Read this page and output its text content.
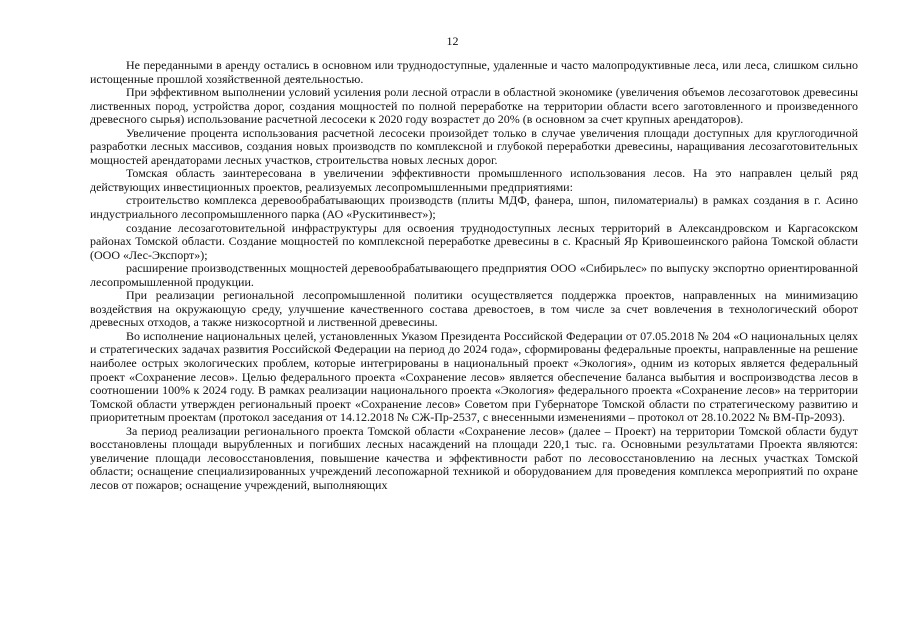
12

Не переданными в аренду остались в основном или труднодоступные, удаленные и часто малопродуктивные леса, или леса, слишком сильно истощенные прошлой хозяйственной деятельностью.

При эффективном выполнении условий усиления роли лесной отрасли в областной экономике (увеличения объемов лесозаготовок древесины лиственных пород, устройства дорог, создания мощностей по полной переработке на территории области всего заготовленного и произведенного древесного сырья) использование расчетной лесосеки к 2020 году возрастет до 20% (в основном за счет крупных арендаторов).

Увеличение процента использования расчетной лесосеки произойдет только в случае увеличения площади доступных для круглогодичной разработки лесных массивов, создания новых производств по комплексной и глубокой переработки древесины, наращивания лесозаготовительных мощностей арендаторами лесных участков, строительства новых лесных дорог.

Томская область заинтересована в увеличении эффективности промышленного использования лесов. На это направлен целый ряд действующих инвестиционных проектов, реализуемых лесопромышленными предприятиями:

строительство комплекса деревообрабатывающих производств (плиты МДФ, фанера, шпон, пиломатериалы) в рамках создания в г. Асино индустриального лесопромышленного парка (АО «Рускитинвест»);

создание лесозаготовительной инфраструктуры для освоения труднодоступных лесных территорий в Александровском и Каргасокском районах Томской области. Создание мощностей по комплексной переработке древесины в с. Красный Яр Кривошеинского района Томской области (ООО «Лес-Экспорт»);

расширение производственных мощностей деревообрабатывающего предприятия ООО «Сибирьлес» по выпуску экспортно ориентированной лесопромышленной продукции.

При реализации региональной лесопромышленной политики осуществляется поддержка проектов, направленных на минимизацию воздействия на окружающую среду, улучшение качественного состава древостоев, в том числе за счет вовлечения в технологический оборот древесных отходов, а также низкосортной и лиственной древесины.

Во исполнение национальных целей, установленных Указом Президента Российской Федерации от 07.05.2018 № 204 «О национальных целях и стратегических задачах развития Российской Федерации на период до 2024 года», сформированы федеральные проекты, направленные на решение наиболее острых экологических проблем, которые интегрированы в национальный проект «Экология», одним из которых является федеральный проект «Сохранение лесов». Целью федерального проекта «Сохранение лесов» является обеспечение баланса выбытия и воспроизводства лесов в соотношении 100% к 2024 году. В рамках реализации национального проекта «Экология» федерального проекта «Сохранение лесов» на территории Томской области утвержден региональный проект «Сохранение лесов» Советом при Губернаторе Томской области по стратегическому развитию и приоритетным проектам (протокол заседания от 14.12.2018 № СЖ-Пр-2537, с внесенными изменениями – протокол от 28.10.2022 № ВМ-Пр-2093).

За период реализации регионального проекта Томской области «Сохранение лесов» (далее – Проект) на территории Томской области будут восстановлены площади вырубленных и погибших лесных насаждений на площади 220,1 тыс. га. Основными результатами Проекта являются: увеличение площади лесовосстановления, повышение качества и эффективности работ по лесовосстановлению на лесных участках Томской области; оснащение специализированных учреждений лесопожарной техникой и оборудованием для проведения комплекса мероприятий по охране лесов от пожаров; оснащение учреждений, выполняющих
